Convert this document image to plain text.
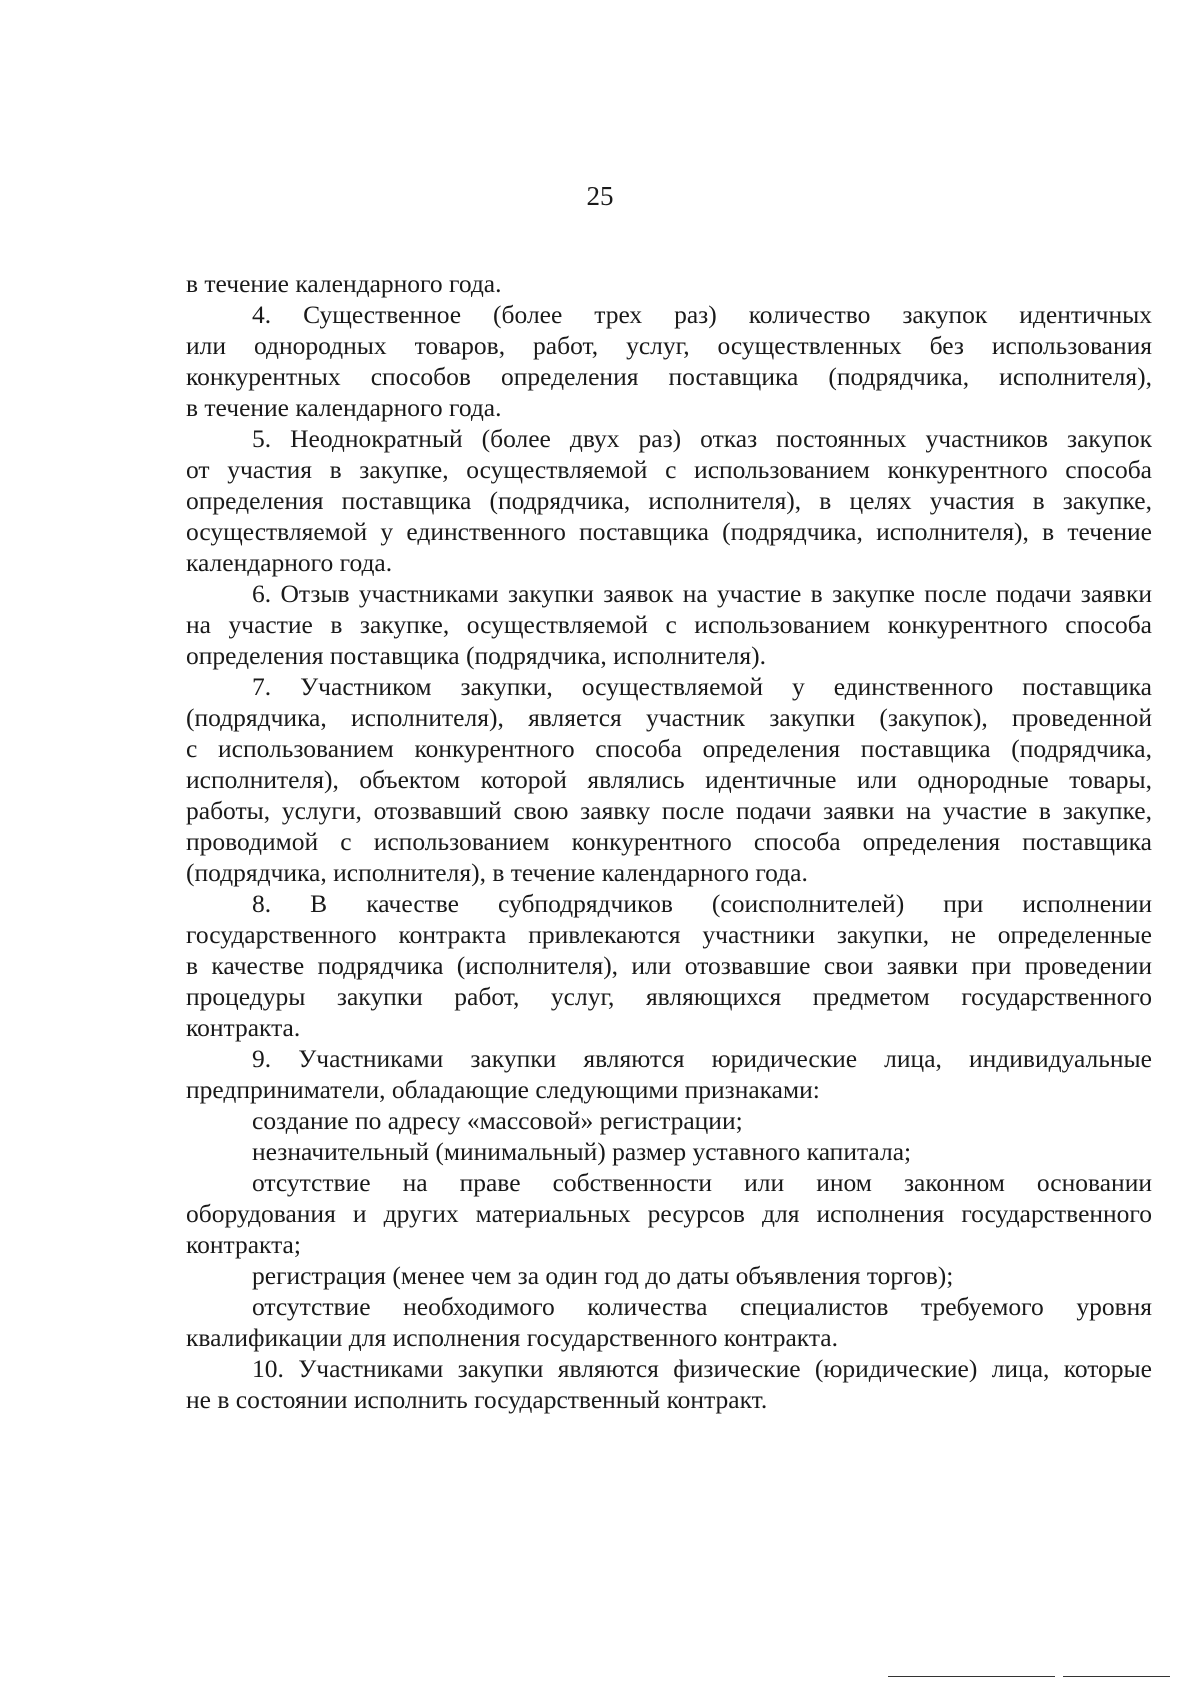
25
в течение календарного года.
4. Существенное (более трех раз) количество закупок идентичных
или однородных товаров, работ, услуг, осуществленных без использования
конкурентных способов определения поставщика (подрядчика, исполнителя),
в течение календарного года.
5. Неоднократный (более двух раз) отказ постоянных участников закупок
от участия в закупке, осуществляемой с использованием конкурентного способа
определения поставщика (подрядчика, исполнителя), в целях участия в закупке,
осуществляемой у единственного поставщика (подрядчика, исполнителя), в течение
календарного года.
6. Отзыв участниками закупки заявок на участие в закупке после подачи заявки
на участие в закупке, осуществляемой с использованием конкурентного способа
определения поставщика (подрядчика, исполнителя).
7. Участником закупки, осуществляемой у единственного поставщика
(подрядчика, исполнителя), является участник закупки (закупок), проведенной
с использованием конкурентного способа определения поставщика (подрядчика,
исполнителя), объектом которой являлись идентичные или однородные товары,
работы, услуги, отозвавший свою заявку после подачи заявки на участие в закупке,
проводимой с использованием конкурентного способа определения поставщика
(подрядчика, исполнителя), в течение календарного года.
8. В качестве субподрядчиков (соисполнителей) при исполнении
государственного контракта привлекаются участники закупки, не определенные
в качестве подрядчика (исполнителя), или отозвавшие свои заявки при проведении
процедуры закупки работ, услуг, являющихся предметом государственного
контракта.
9. Участниками закупки являются юридические лица, индивидуальные
предприниматели, обладающие следующими признаками:
создание по адресу «массовой» регистрации;
незначительный (минимальный) размер уставного капитала;
отсутствие на праве собственности или ином законном основании
оборудования и других материальных ресурсов для исполнения государственного
контракта;
регистрация (менее чем за один год до даты объявления торгов);
отсутствие необходимого количества специалистов требуемого уровня
квалификации для исполнения государственного контракта.
10. Участниками закупки являются физические (юридические) лица, которые
не в состоянии исполнить государственный контракт.
